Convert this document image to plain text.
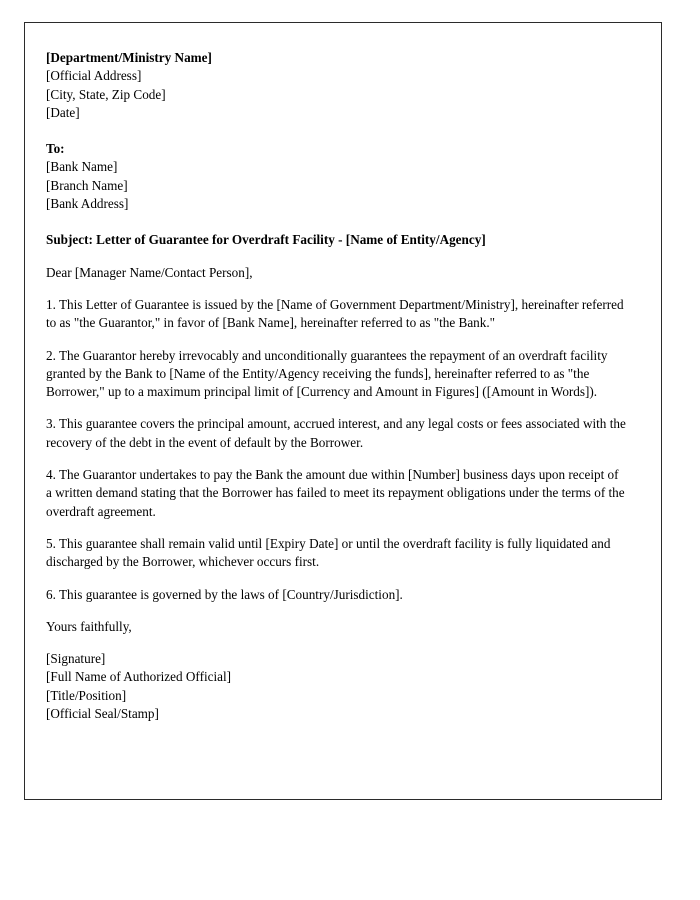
[Department/Ministry Name]
[Official Address]
[City, State, Zip Code]
[Date]
To:
[Bank Name]
[Branch Name]
[Bank Address]
Subject: Letter of Guarantee for Overdraft Facility - [Name of Entity/Agency]
Dear [Manager Name/Contact Person],
1. This Letter of Guarantee is issued by the [Name of Government Department/Ministry], hereinafter referred to as "the Guarantor," in favor of [Bank Name], hereinafter referred to as "the Bank."
2. The Guarantor hereby irrevocably and unconditionally guarantees the repayment of an overdraft facility granted by the Bank to [Name of the Entity/Agency receiving the funds], hereinafter referred to as "the Borrower," up to a maximum principal limit of [Currency and Amount in Figures] ([Amount in Words]).
3. This guarantee covers the principal amount, accrued interest, and any legal costs or fees associated with the recovery of the debt in the event of default by the Borrower.
4. The Guarantor undertakes to pay the Bank the amount due within [Number] business days upon receipt of a written demand stating that the Borrower has failed to meet its repayment obligations under the terms of the overdraft agreement.
5. This guarantee shall remain valid until [Expiry Date] or until the overdraft facility is fully liquidated and discharged by the Borrower, whichever occurs first.
6. This guarantee is governed by the laws of [Country/Jurisdiction].
Yours faithfully,
[Signature]
[Full Name of Authorized Official]
[Title/Position]
[Official Seal/Stamp]
